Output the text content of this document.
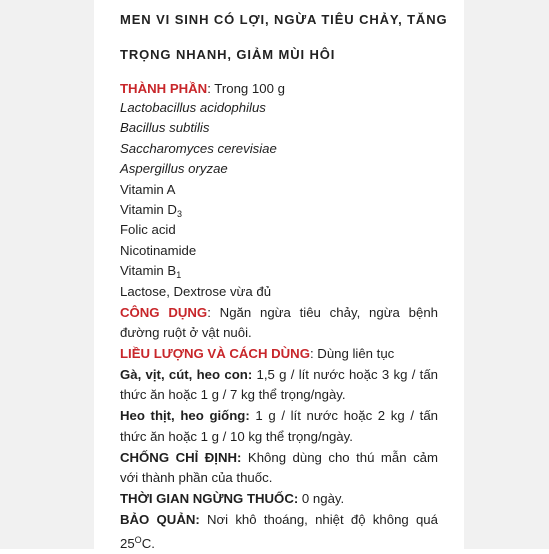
MEN VI SINH CÓ LỢI, NGỪA TIÊU CHẢY, TĂNG
TRỌNG NHANH, GIẢM MÙI HÔI
THÀNH PHẦN: Trong 100 g
Lactobacillus acidophilus
Bacillus subtilis
Saccharomyces cerevisiae
Aspergillus oryzae
Vitamin A
Vitamin $D_3$
Folic acid
Nicotinamide
Vitamin $B_1$
Lactose, Dextrose vừa đủ
CÔNG DỤNG: Ngăn ngừa tiêu chảy, ngừa bệnh
đường ruột ở vật nuôi.
LIỀU LƯỢNG VÀ CÁCH DÙNG: Dùng liên tục
Gà, vịt, cút, heo con: 1,5 g / lít nước hoặc 3 kg / tấn
thức ăn hoặc 1 g / 7 kg thể trọng/ngày.
Heo thịt, heo giống: 1 g / lít nước hoặc 2 kg / tấn
thức ăn hoặc 1 g / 10 kg thể trọng/ngày.
CHỐNG CHỈ ĐỊNH: Không dùng cho thú mẫn cảm
với thành phần của thuốc.
THỜI GIAN NGỪNG THUỐC: 0 ngày.
BẢO QUẢN: Nơi khô thoáng, nhiệt độ không quá
$25^OC$.
